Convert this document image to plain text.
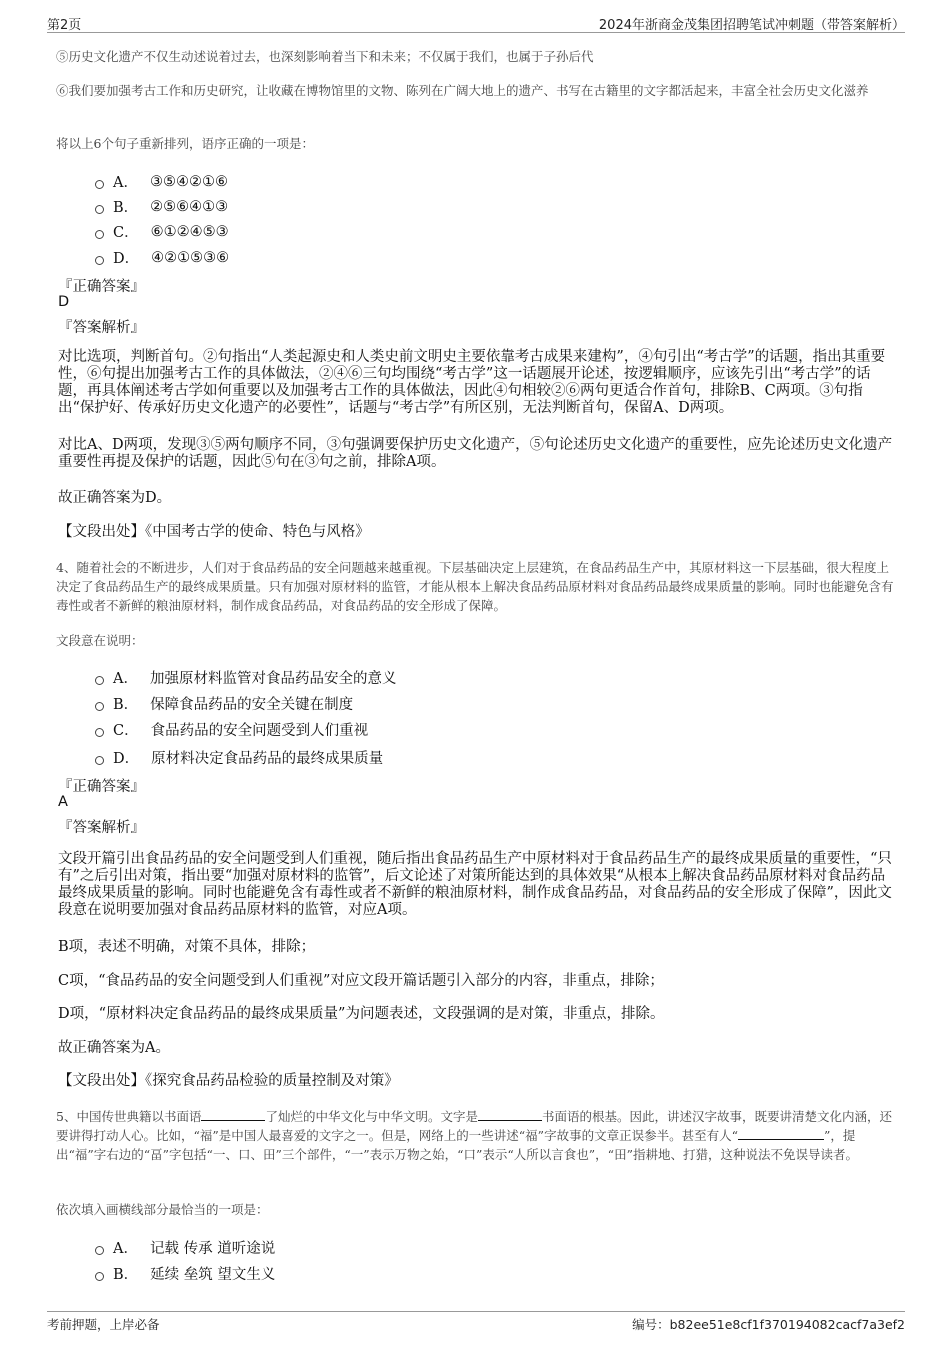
第2页	2024年浙商金茂集团招聘笔试冲刺题（带答案解析）
⑤历史文化遗产不仅生动述说着过去，也深刻影响着当下和未来；不仅属于我们，也属于子孙后代
⑥我们要加强考古工作和历史研究，让收藏在博物馆里的文物、陈列在广阔大地上的遗产、书写在古籍里的文字都活起来，丰富全社会历史文化滋养
将以上6个句子重新排列，语序正确的一项是：
A． ③⑤④②①⑥
B． ②⑤⑥④①③
C． ⑥①②④⑤③
D． ④②①⑤③⑥
『正确答案』
D
『答案解析』
对比选项，判断首句。②句指出“人类起源史和人类史前文明史主要依靠考古成果来建构”，④句引出“考古学”的话题，指出其重要性，⑥句提出加强考古工作的具体做法，②④⑥三句均围绕“考古学”这一话题展开论述，按逻辑顺序，应该先引出“考古学”的话题，再具体阐述考古学如何重要以及加强考古工作的具体做法，因此④句相较②⑥两句更适合作首句，排除B、C两项。③句指出“保护好、传承好历史文化遗产的必要性”，话题与“考古学”有所区别，无法判断首句，保留A、D两项。
对比A、D两项，发现③⑤两句顺序不同，③句强调要保护历史文化遗产，⑤句论述历史文化遗产的重要性，应先论述历史文化遗产重要性再提及保护的话题，因此⑤句在③句之前，排除A项。
故正确答案为D。
【文段出处】《中国考古学的使命、特色与风格》
4、随着社会的不断进步，人们对于食品药品的安全问题越来越重视。下层基础决定上层建筑，在食品药品生产中，其原材料这一下层基础，很大程度上决定了食品药品生产的最终成果质量。只有加强对原材料的监管，才能从根本上解决食品药品原材料对食品药品最终成果质量的影响。同时也能避免含有毒性或者不新鲜的粮油原材料，制作成食品药品，对食品药品的安全形成了保障。
文段意在说明：
A． 加强原材料监管对食品药品安全的意义
B． 保障食品药品的安全关键在制度
C． 食品药品的安全问题受到人们重视
D． 原材料决定食品药品的最终成果质量
『正确答案』
A
『答案解析』
文段开篇引出食品药品的安全问题受到人们重视，随后指出食品药品生产中原材料对于食品药品生产的最终成果质量的重要性，“只有”之后引出对策，指出要“加强对原材料的监管”，后文论述了对策所能达到的具体效果“从根本上解决食品药品原材料对食品药品最终成果质量的影响。同时也能避免含有毒性或者不新鲜的粮油原材料，制作成食品药品，对食品药品的安全形成了保障”，因此文段意在说明要加强对食品药品原材料的监管，对应A项。
B项，表述不明确，对策不具体，排除；
C项，“食品药品的安全问题受到人们重视”对应文段开篇话题引入部分的内容，非重点，排除；
D项，“原材料决定食品药品的最终成果质量”为问题表述，文段强调的是对策，非重点，排除。
故正确答案为A。
【文段出处】《探究食品药品检验的质量控制及对策》
5、中国传世典籍以书面语	了灿烂的中华文化与中华文明。文字是	书面语的根基。因此，讲述汉字故事，既要讲清楚文化内涵，还要讲得打动人心。比如，“福”是中国人最喜爱的文字之一。但是，网络上的一些讲述“福”字故事的文章正误参半。甚至有人“	”，提出“福”字右边的“畐”字包括“一、口、田”三个部件，“一”表示万物之始，“口”表示“人所以言食也”，“田”指耕地、打猎，这种说法不免误导读者。
依次填入画横线部分最恰当的一项是：
A． 记载 传承 道听途说
B． 延续 垒筑 望文生义
考前押题，上岸必备	编号：b82ee51e8cf1f370194082cacf7a3ef2
